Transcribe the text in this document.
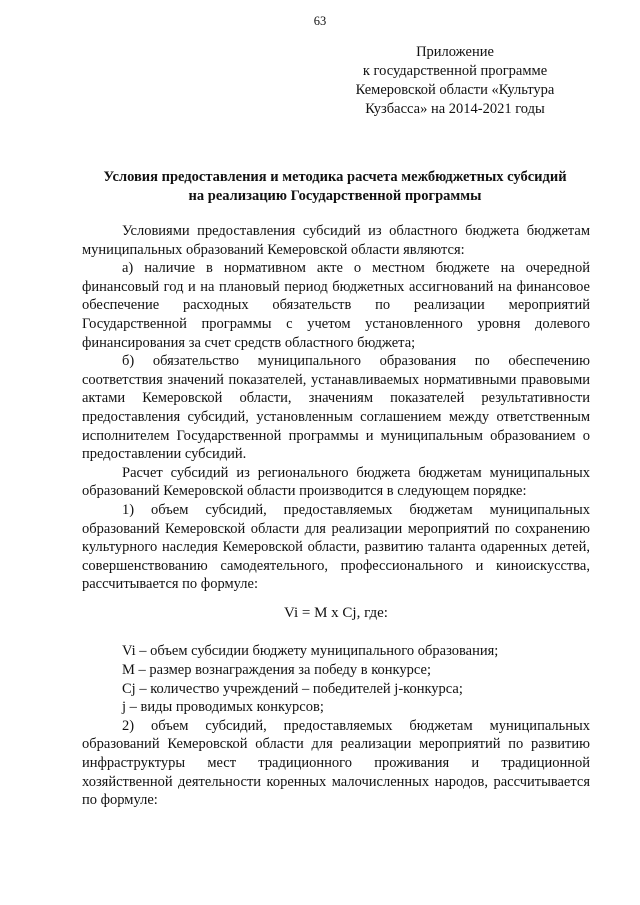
63
Приложение
к государственной программе
Кемеровской области «Культура
Кузбасса» на 2014-2021 годы
Условия предоставления и методика расчета межбюджетных субсидий
на реализацию Государственной программы

Условиями предоставления субсидий из областного бюджета бюджетам муниципальных образований Кемеровской области являются:

а) наличие в нормативном акте о местном бюджете на очередной финансовый год и на плановый период бюджетных ассигнований на финансовое обеспечение расходных обязательств по реализации мероприятий Государственной программы с учетом установленного уровня долевого финансирования за счет средств областного бюджета;

б) обязательство муниципального образования по обеспечению соответствия значений показателей, устанавливаемых нормативными правовыми актами Кемеровской области, значениям показателей результативности предоставления субсидий, установленным соглашением между ответственным исполнителем Государственной программы и муниципальным образованием о предоставлении субсидий.

Расчет субсидий из регионального бюджета бюджетам муниципальных образований Кемеровской области производится в следующем порядке:

1) объем субсидий, предоставляемых бюджетам муниципальных образований Кемеровской области для реализации мероприятий по сохранению культурного наследия Кемеровской области, развитию таланта одаренных детей, совершенствованию самодеятельного, профессионального и киноискусства, рассчитывается по формуле:

Vi = M x Cj, где:

Vi – объем субсидии бюджету муниципального образования;

М – размер вознаграждения за победу в конкурсе;

Cj – количество учреждений – победителей j-конкурса;

j – виды проводимых конкурсов;

2) объем субсидий, предоставляемых бюджетам муниципальных образований Кемеровской области для реализации мероприятий по развитию инфраструктуры мест традиционного проживания и традиционной хозяйственной деятельности коренных малочисленных народов, рассчитывается по формуле:
